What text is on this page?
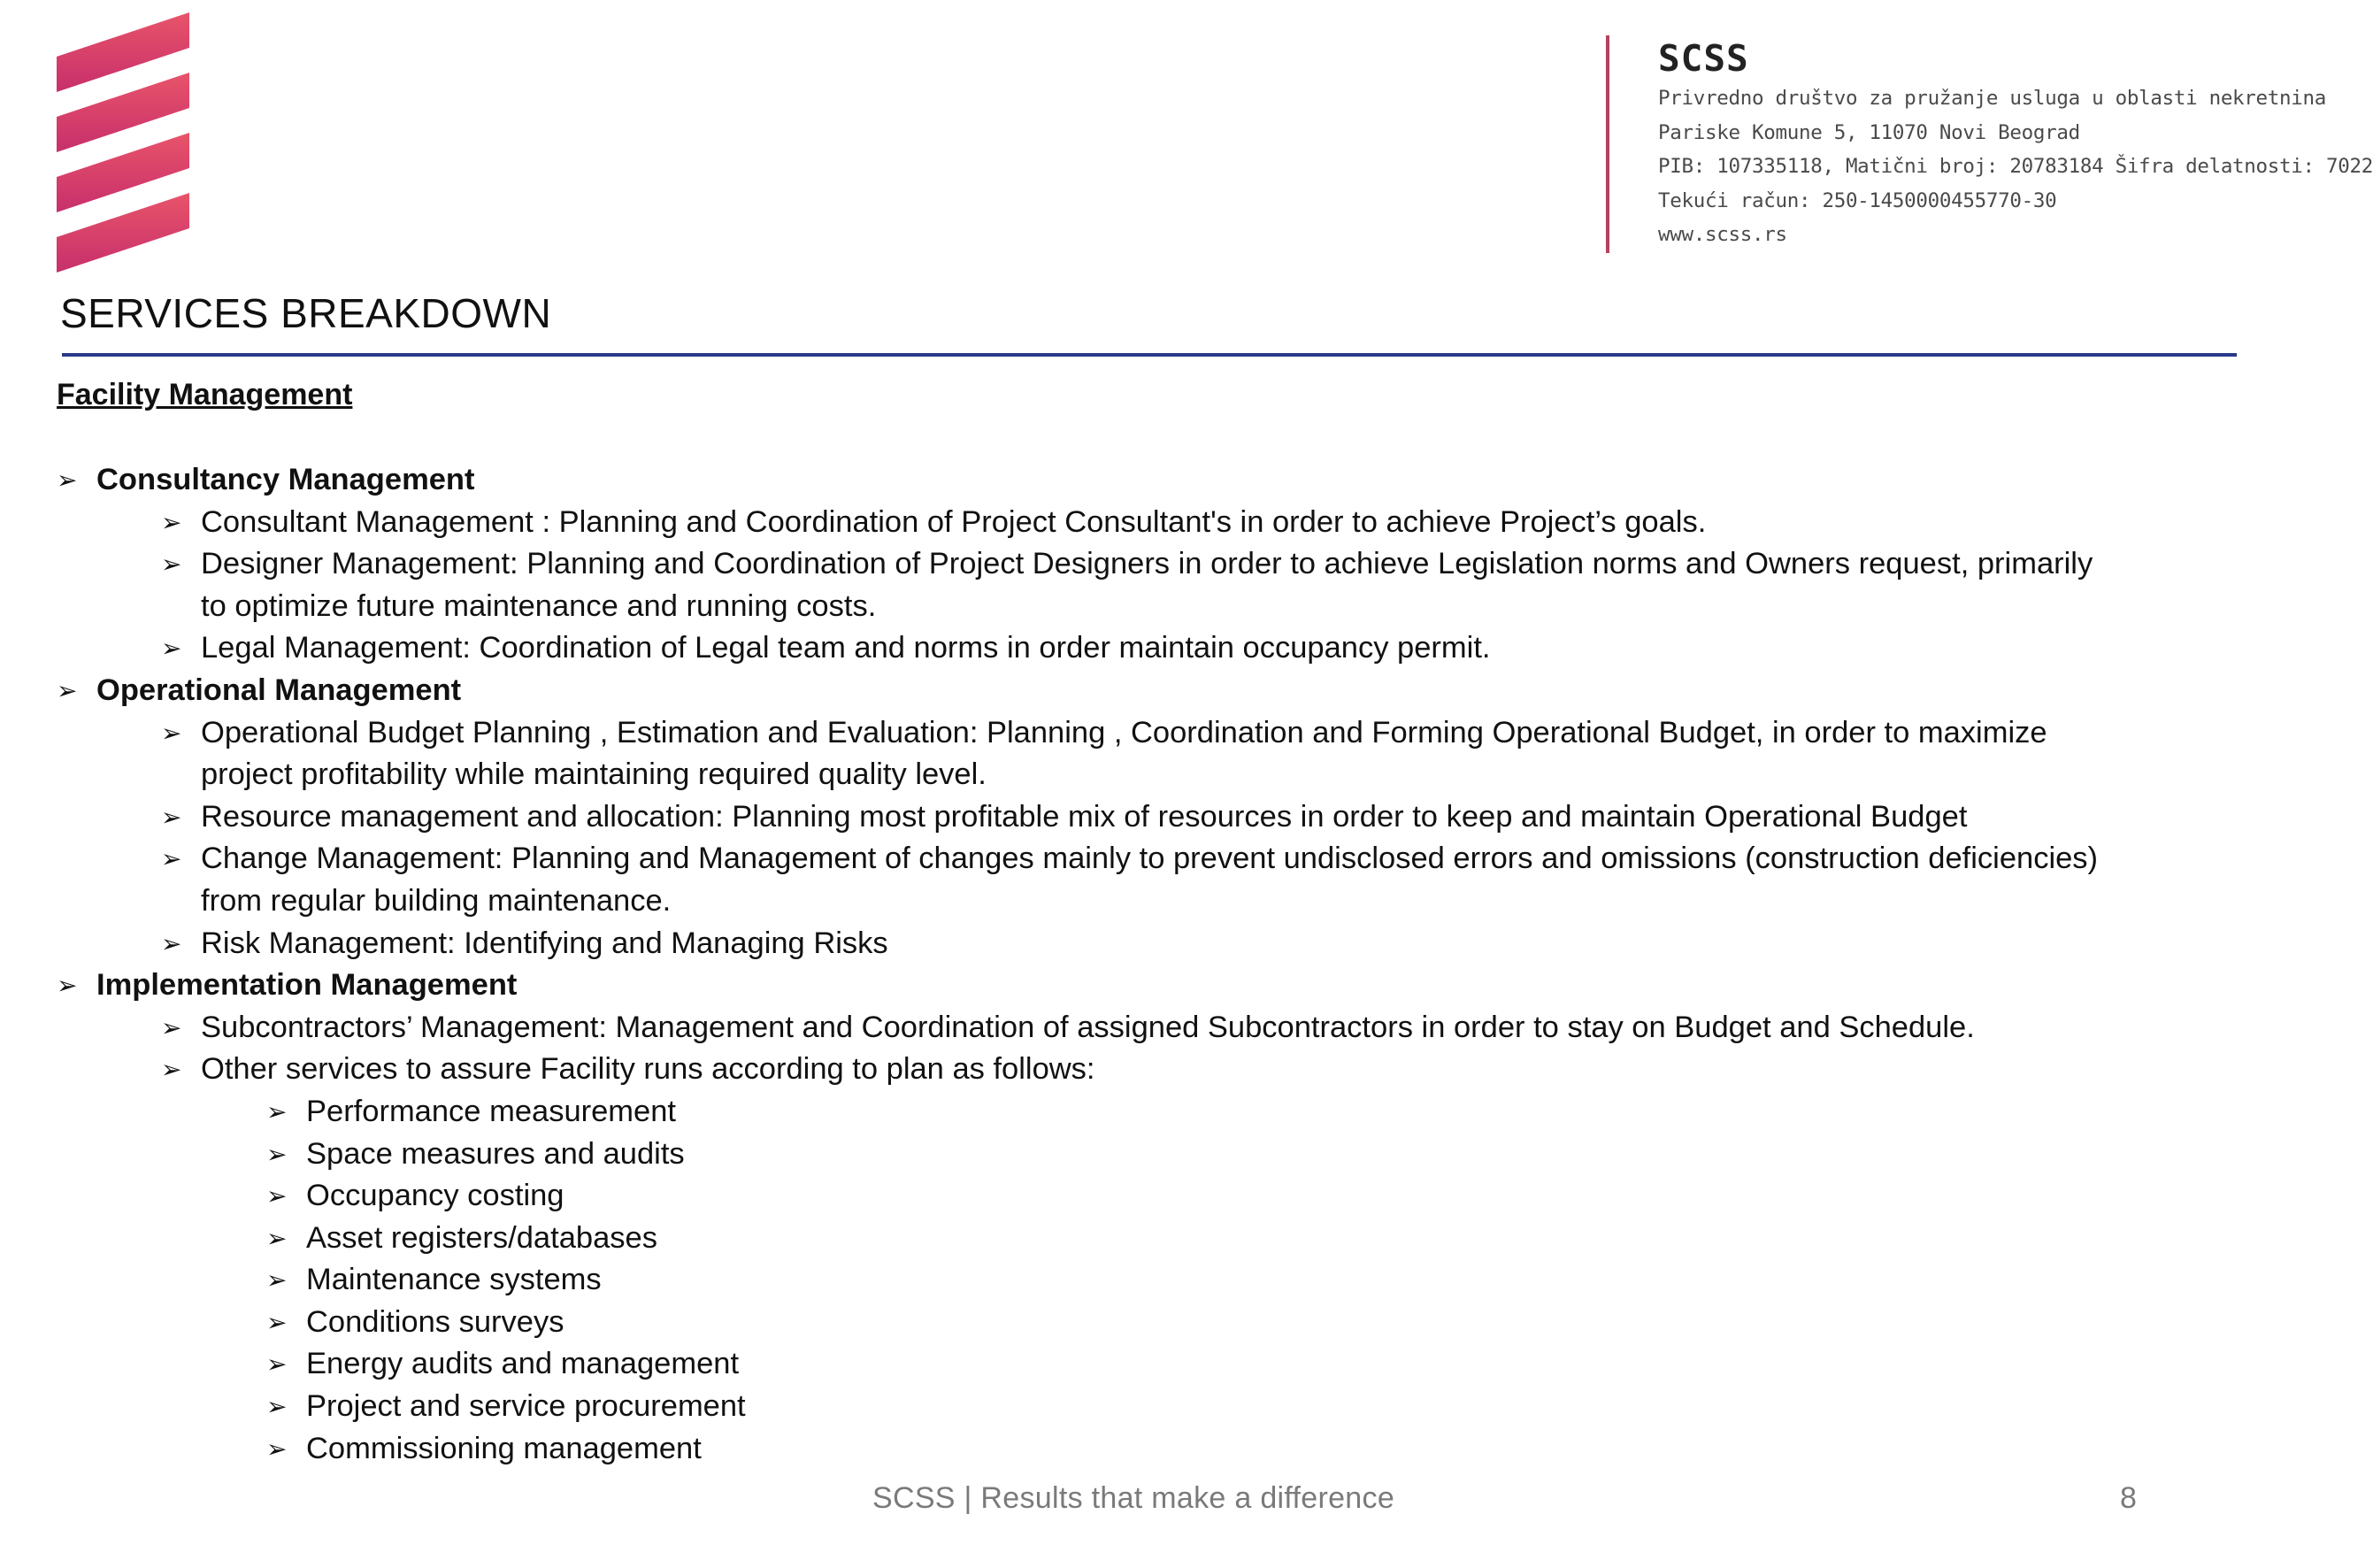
SCSS
Privredno društvo za pružanje usluga u oblasti nekretnina
Pariske Komune 5, 11070 Novi Beograd
PIB: 107335118, Matični broj: 20783184 Šifra delatnosti: 7022
Tekući račun: 250-1450000455770-30
www.scss.rs
SERVICES BREAKDOWN
Facility Management
➢ Consultancy Management
➢ Consultant Management : Planning and Coordination of Project Consultant's in order to achieve Project’s goals.
➢ Designer Management: Planning and Coordination of Project Designers in order to achieve Legislation norms and Owners request, primarily
to optimize future maintenance and running costs.
➢ Legal Management: Coordination of Legal team and norms in order maintain occupancy permit.
➢ Operational Management
➢ Operational Budget Planning , Estimation and Evaluation: Planning , Coordination and Forming Operational Budget, in order to maximize
project profitability while maintaining required quality level.
➢ Resource management and allocation: Planning most profitable mix of resources in order to keep and maintain Operational Budget
➢ Change Management: Planning and Management of changes mainly to prevent undisclosed errors and omissions (construction deficiencies)
from regular building maintenance.
➢ Risk Management: Identifying and Managing Risks
➢ Implementation Management
➢ Subcontractors’ Management: Management and Coordination of assigned Subcontractors in order to stay on Budget and Schedule.
➢ Other services to assure Facility runs according to plan as follows:
➢ Performance measurement
➢ Space measures and audits
➢ Occupancy costing
➢ Asset registers/databases
➢ Maintenance systems
➢ Conditions surveys
➢ Energy audits and management
➢ Project and service procurement
➢ Commissioning management
SCSS | Results that make a difference	8
